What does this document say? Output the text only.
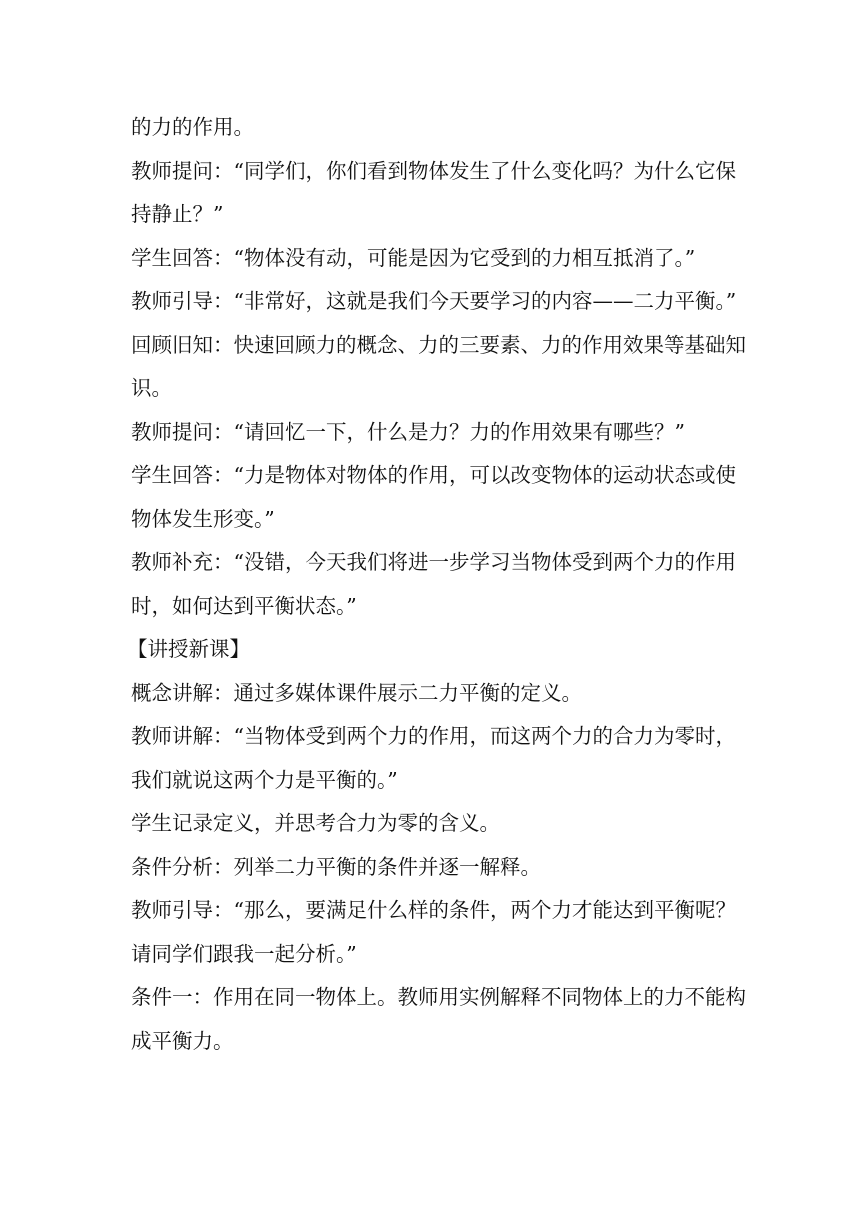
的力的作用。
教师提问：“同学们，你们看到物体发生了什么变化吗？为什么它保
持静止？”
学生回答：“物体没有动，可能是因为它受到的力相互抵消了。”
教师引导：“非常好，这就是我们今天要学习的内容——二力平衡。”
回顾旧知：快速回顾力的概念、力的三要素、力的作用效果等基础知
识。
教师提问：“请回忆一下，什么是力？力的作用效果有哪些？”
学生回答：“力是物体对物体的作用，可以改变物体的运动状态或使
物体发生形变。”
教师补充：“没错，今天我们将进一步学习当物体受到两个力的作用
时，如何达到平衡状态。”
【讲授新课】
概念讲解：通过多媒体课件展示二力平衡的定义。
教师讲解：“当物体受到两个力的作用，而这两个力的合力为零时，
我们就说这两个力是平衡的。”
学生记录定义，并思考合力为零的含义。
条件分析：列举二力平衡的条件并逐一解释。
教师引导：“那么，要满足什么样的条件，两个力才能达到平衡呢？
请同学们跟我一起分析。”
条件一：作用在同一物体上。教师用实例解释不同物体上的力不能构
成平衡力。
